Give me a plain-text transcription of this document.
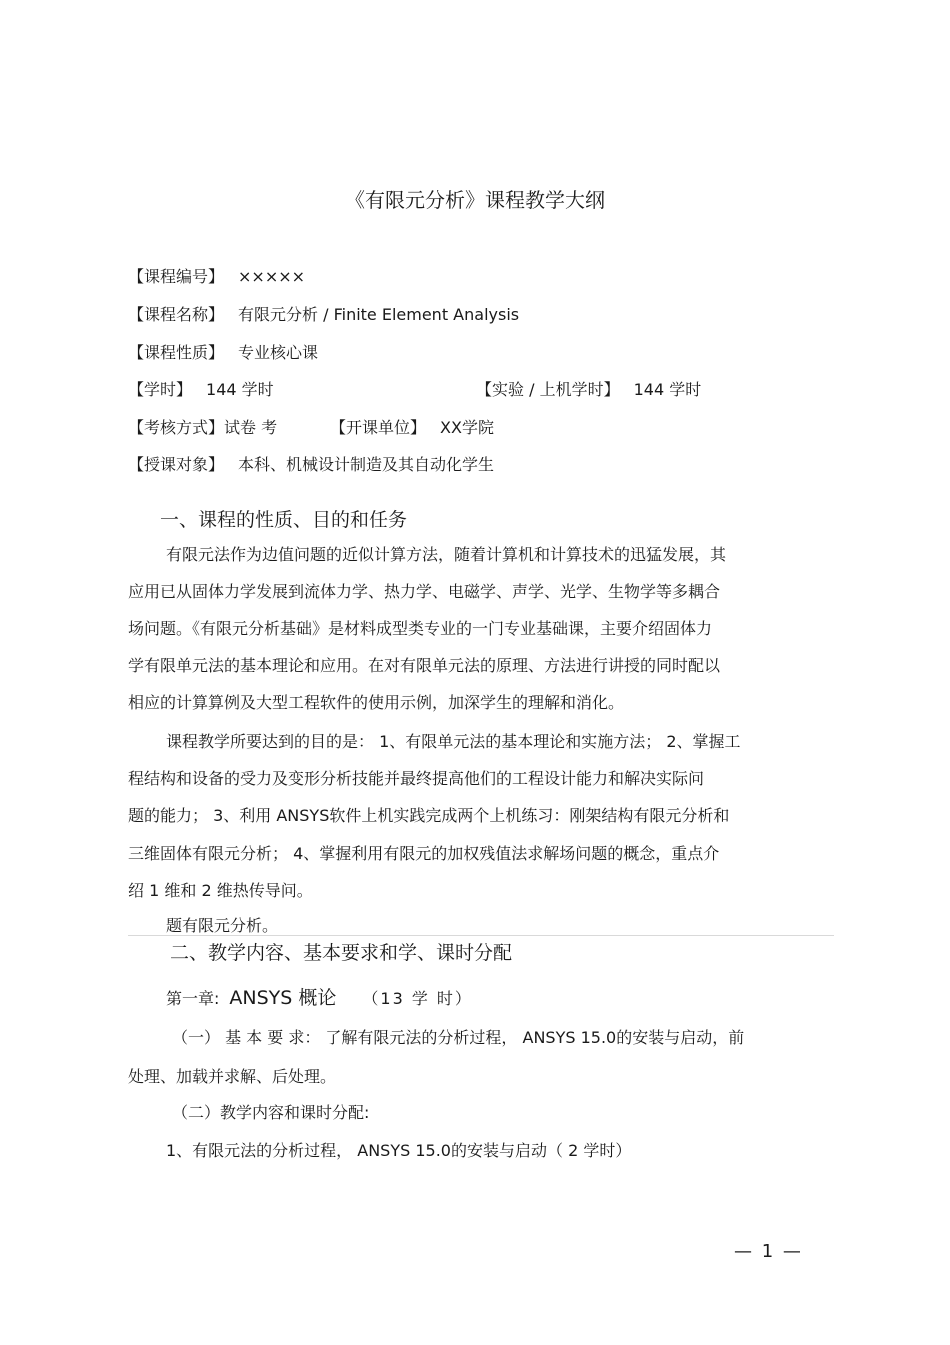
《有限元分析》课程教学大纲
【课程编号】 ×××××
【课程名称】 有限元分析 / Finite Element Analysis
【课程性质】 专业核心课
【学时】 144 学时	【实验 / 上机学时】 144 学时
【考核方式】试卷 考	【开课单位】 XX学院
【授课对象】 本科、机械设计制造及其自动化学生
一、课程的性质、目的和任务
有限元法作为边值问题的近似计算方法，随着计算机和计算技术的迅猛发展，其
应用已从固体力学发展到流体力学、热力学、电磁学、声学、光学、生物学等多耦合
场问题。《有限元分析基础》是材料成型类专业的一门专业基础课，主要介绍固体力
学有限单元法的基本理论和应用。在对有限单元法的原理、方法进行讲授的同时配以
相应的计算算例及大型工程软件的使用示例，加深学生的理解和消化。
课程教学所要达到的目的是： 1、有限单元法的基本理论和实施方法； 2、掌握工
程结构和设备的受力及变形分析技能并最终提高他们的工程设计能力和解决实际问
题的能力； 3、利用 ANSYS软件上机实践完成两个上机练习：刚架结构有限元分析和
三维固体有限元分析； 4、掌握利用有限元的加权残值法求解场问题的概念，重点介
绍 1 维和 2 维热传导问。
题有限元分析。
二、教学内容、基本要求和学、课时分配
第一章: ANSYS 概论 （13 学 时）
（一） 基 本 要 求： 了解有限元法的分析过程， ANSYS 15.0的安装与启动，前
处理、加载并求解、后处理。
（二）教学内容和课时分配:
1、有限元法的分析过程， ANSYS 15.0的安装与启动（ 2 学时）
— 1 —
